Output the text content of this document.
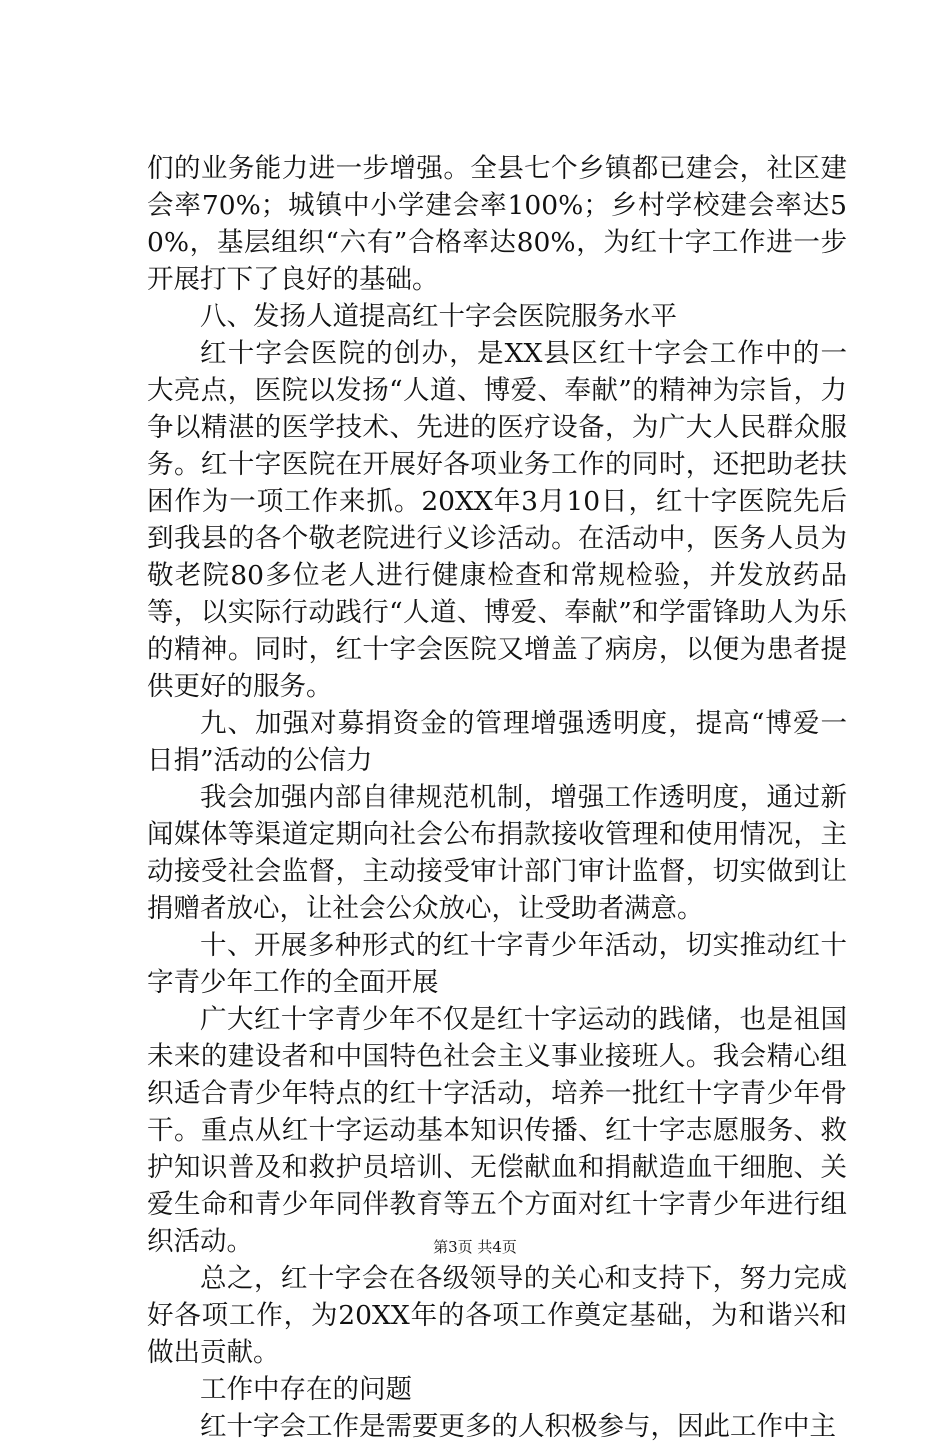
们的业务能力进一步增强。全县七个乡镇都已建会，社区建会率70%；城镇中小学建会率100%；乡村学校建会率达50%，基层组织“六有”合格率达80%，为红十字工作进一步开展打下了良好的基础。

八、发扬人道提高红十字会医院服务水平

红十字会医院的创办，是XX县区红十字会工作中的一大亮点，医院以发扬“人道、博爱、奉献”的精神为宗旨，力争以精湛的医学技术、先进的医疗设备，为广大人民群众服务。红十字医院在开展好各项业务工作的同时，还把助老扶困作为一项工作来抓。20XX年3月10日，红十字医院先后到我县的各个敬老院进行义诊活动。在活动中，医务人员为敬老院80多位老人进行健康检查和常规检验，并发放药品等，以实际行动践行“人道、博爱、奉献”和学雷锋助人为乐的精神。同时，红十字会医院又增盖了病房，以便为患者提供更好的服务。

九、加强对募捐资金的管理增强透明度，提高“博爱一日捐”活动的公信力

我会加强内部自律规范机制，增强工作透明度，通过新闻媒体等渠道定期向社会公布捐款接收管理和使用情况，主动接受社会监督，主动接受审计部门审计监督，切实做到让捐赠者放心，让社会公众放心，让受助者满意。

十、开展多种形式的红十字青少年活动，切实推动红十字青少年工作的全面开展

广大红十字青少年不仅是红十字运动的践储，也是祖国未来的建设者和中国特色社会主义事业接班人。我会精心组织适合青少年特点的红十字活动，培养一批红十字青少年骨干。重点从红十字运动基本知识传播、红十字志愿服务、救护知识普及和救护员培训、无偿献血和捐献造血干细胞、关爱生命和青少年同伴教育等五个方面对红十字青少年进行组织活动。

总之，红十字会在各级领导的关心和支持下，努力完成好各项工作，为20XX年的各项工作奠定基础，为和谐兴和做出贡献。

工作中存在的问题

红十字会工作是需要更多的人积极参与，因此工作中主

第3页 共4页
